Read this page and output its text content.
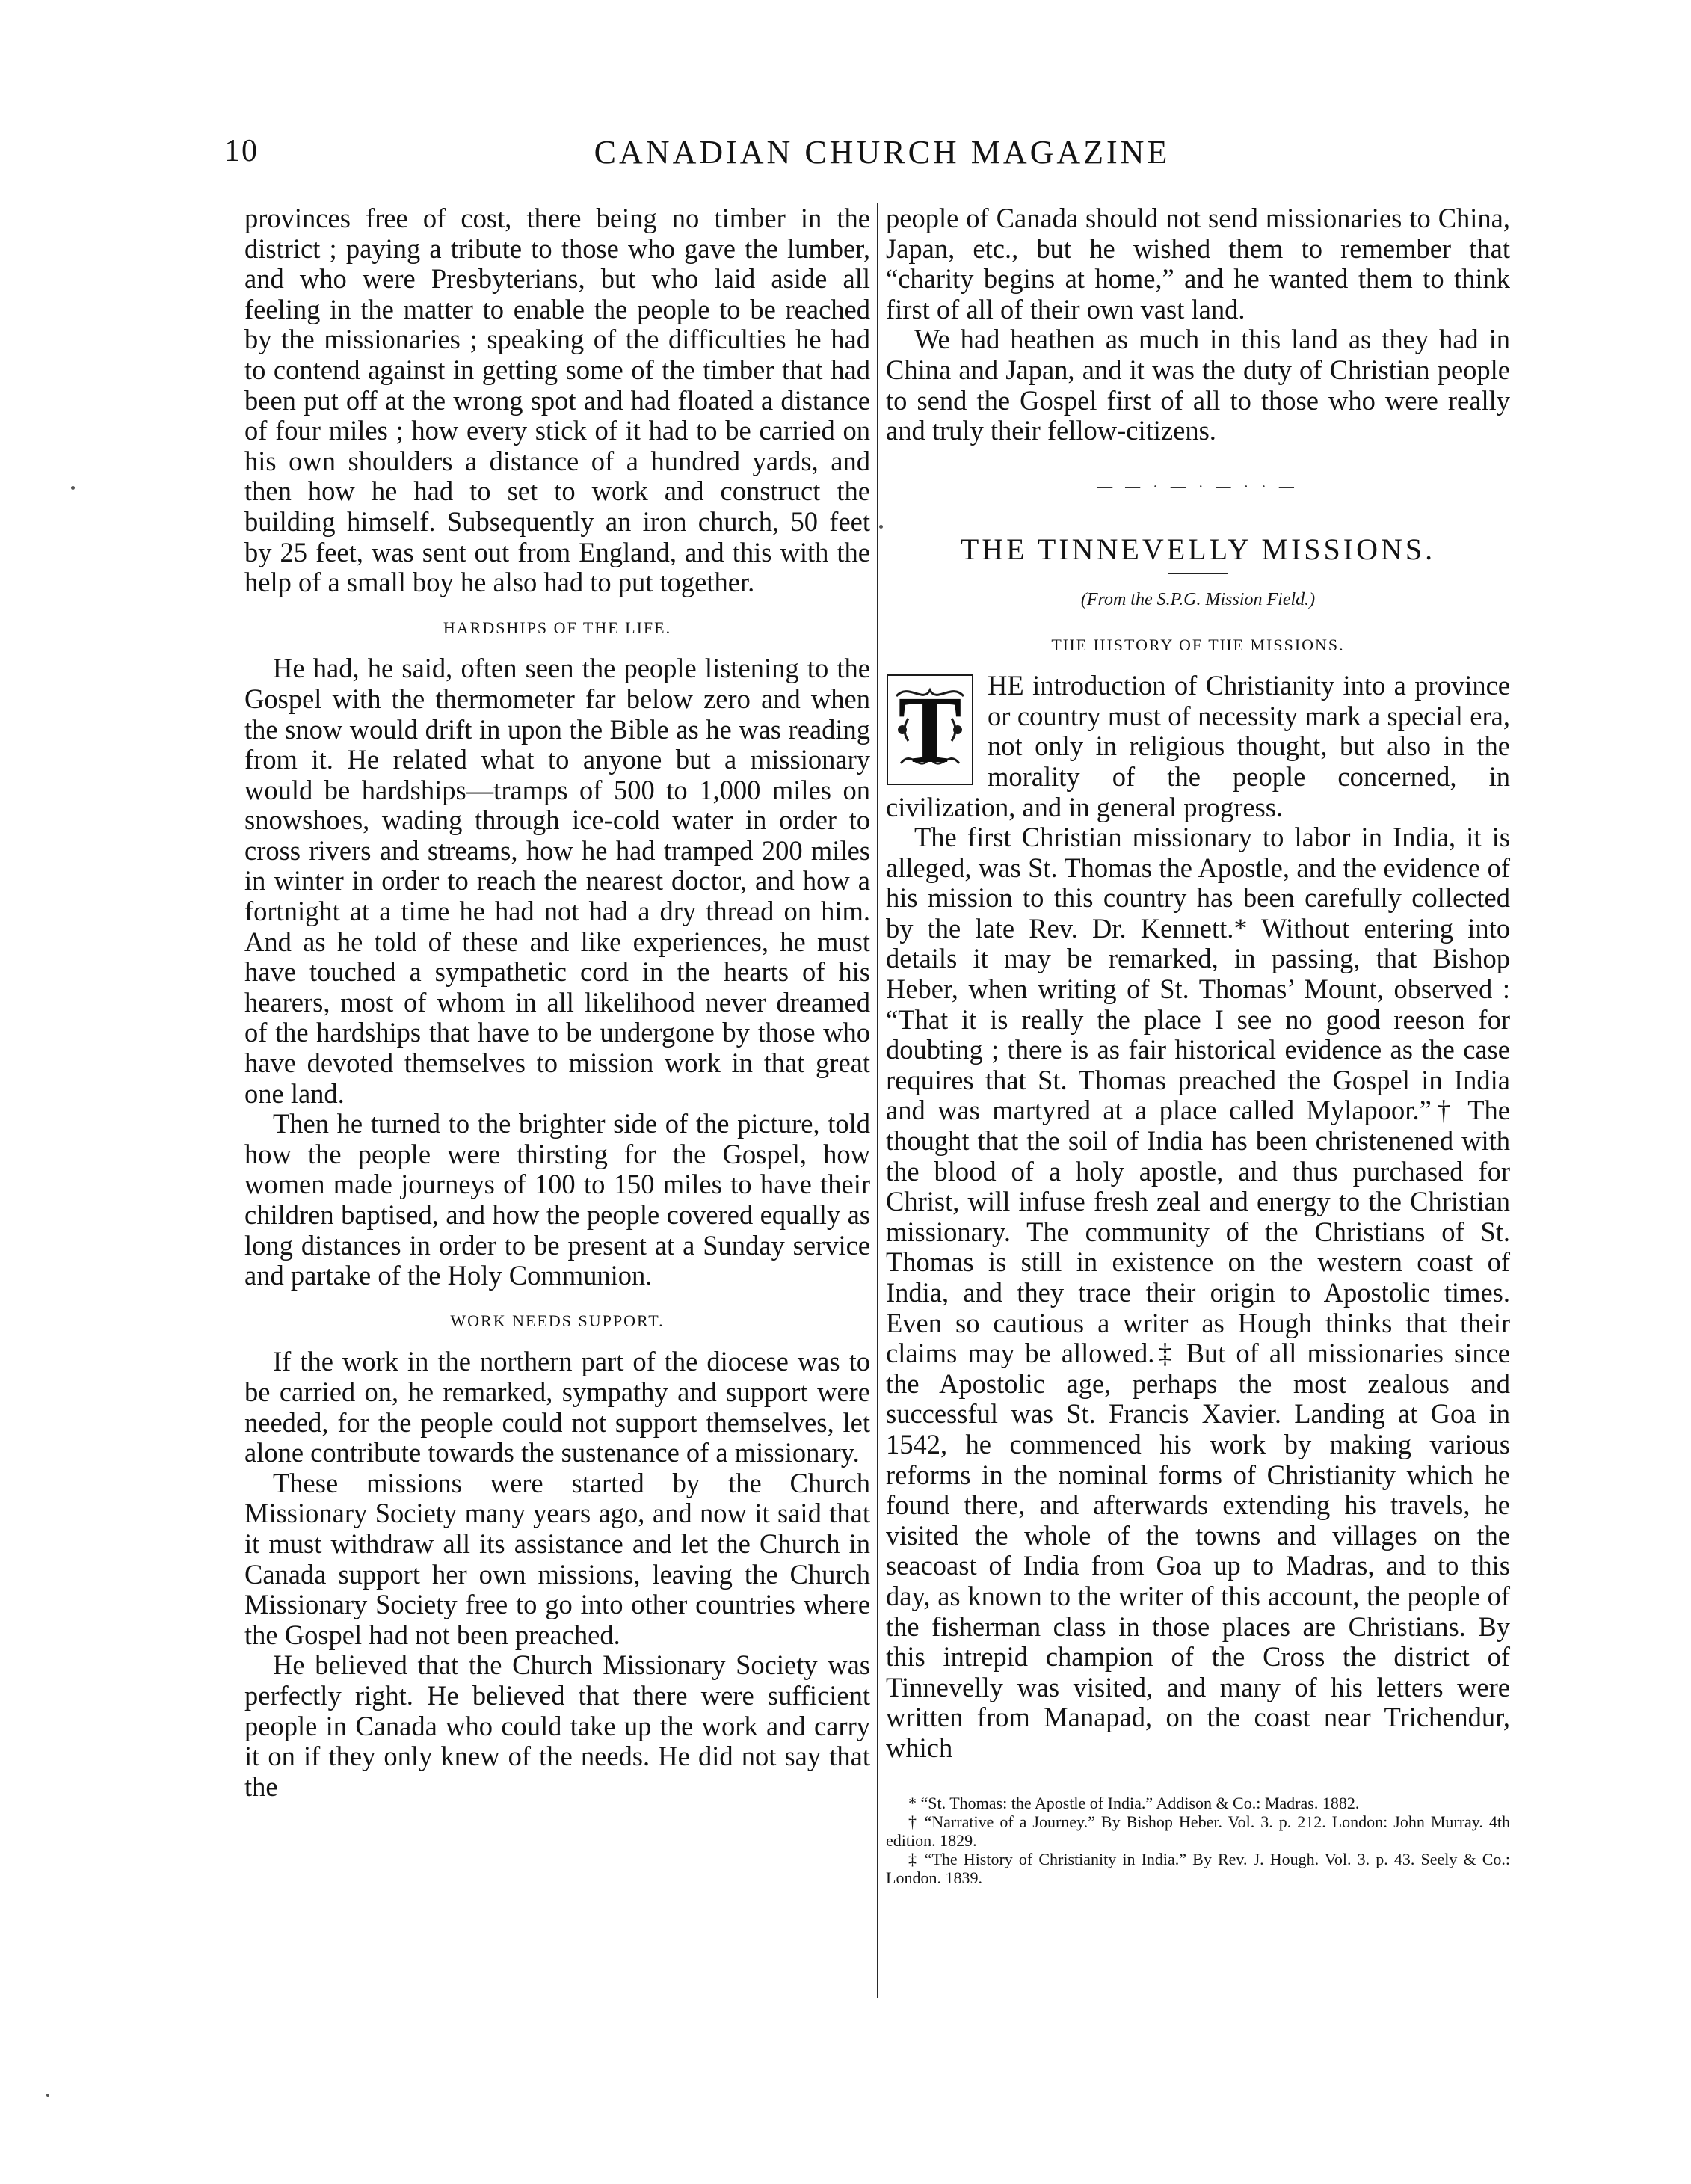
10	CANADIAN CHURCH MAGAZINE

provinces free of cost, there being no timber in the district ; paying a tribute to those who gave the lumber, and who were Presbyterians, but who laid aside all feeling in the matter to enable the people to be reached by the missionaries ; speaking of the difficulties he had to contend against in getting some of the timber that had been put off at the wrong spot and had floated a distance of four miles ; how every stick of it had to be carried on his own shoulders a distance of a hundred yards, and then how he had to set to work and construct the building himself. Subsequently an iron church, 50 feet by 25 feet, was sent out from England, and this with the help of a small boy he also had to put together.

HARDSHIPS OF THE LIFE.

He had, he said, often seen the people listening to the Gospel with the thermometer far below zero and when the snow would drift in upon the Bible as he was reading from it. He related what to anyone but a missionary would be hardships—tramps of 500 to 1,000 miles on snowshoes, wading through ice-cold water in order to cross rivers and streams, how he had tramped 200 miles in winter in order to reach the nearest doctor, and how a fortnight at a time he had not had a dry thread on him. And as he told of these and like experiences, he must have touched a sympathetic cord in the hearts of his hearers, most of whom in all likelihood never dreamed of the hardships that have to be undergone by those who have devoted themselves to mission work in that great one land.

Then he turned to the brighter side of the picture, told how the people were thirsting for the Gospel, how women made journeys of 100 to 150 miles to have their children baptised, and how the people covered equally as long distances in order to be present at a Sunday service and partake of the Holy Communion.

WORK NEEDS SUPPORT.

If the work in the northern part of the diocese was to be carried on, he remarked, sympathy and support were needed, for the people could not support themselves, let alone contribute towards the sustenance of a missionary.

These missions were started by the Church Missionary Society many years ago, and now it said that it must withdraw all its assistance and let the Church in Canada support her own missions, leaving the Church Missionary Society free to go into other countries where the Gospel had not been preached.

He believed that the Church Missionary Society was perfectly right. He believed that there were sufficient people in Canada who could take up the work and carry it on if they only knew of the needs. He did not say that the

people of Canada should not send missionaries to China, Japan, etc., but he wished them to remember that “charity begins at home,” and he wanted them to think first of all of their own vast land.

We had heathen as much in this land as they had in China and Japan, and it was the duty of Christian people to send the Gospel first of all to those who were really and truly their fellow-citizens.

— — · — · — · · —
THE TINNEVELLY MISSIONS.
(From the S.P.G. Mission Field.)
THE HISTORY OF THE MISSIONS.
T HE introduction of Christianity into a province or country must of necessity mark a special era, not only in religious thought, but also in the morality of the people concerned, in civilization, and in general progress.

The first Christian missionary to labor in India, it is alleged, was St. Thomas the Apostle, and the evidence of his mission to this country has been carefully collected by the late Rev. Dr. Kennett.* Without entering into details it may be remarked, in passing, that Bishop Heber, when writing of St. Thomas’ Mount, observed : “That it is really the place I see no good reeson for doubting ; there is as fair historical evidence as the case requires that St. Thomas preached the Gospel in India and was martyred at a place called Mylapoor.”† The thought that the soil of India has been christenened with the blood of a holy apostle, and thus purchased for Christ, will infuse fresh zeal and energy to the Christian missionary. The community of the Christians of St. Thomas is still in existence on the western coast of India, and they trace their origin to Apostolic times. Even so cautious a writer as Hough thinks that their claims may be allowed.‡ But of all missionaries since the Apostolic age, perhaps the most zealous and successful was St. Francis Xavier. Landing at Goa in 1542, he commenced his work by making various reforms in the nominal forms of Christianity which he found there, and afterwards extending his travels, he visited the whole of the towns and villages on the seacoast of India from Goa up to Madras, and to this day, as known to the writer of this account, the people of the fisherman class in those places are Christians. By this intrepid champion of the Cross the district of Tinnevelly was visited, and many of his letters were written from Manapad, on the coast near Trichendur, which

* “St. Thomas: the Apostle of India.” Addison & Co.: Madras. 1882.

† “Narrative of a Journey.” By Bishop Heber. Vol. 3. p. 212. London: John Murray. 4th edition. 1829.

‡ “The History of Christianity in India.” By Rev. J. Hough. Vol. 3. p. 43. Seely & Co.: London. 1839.
